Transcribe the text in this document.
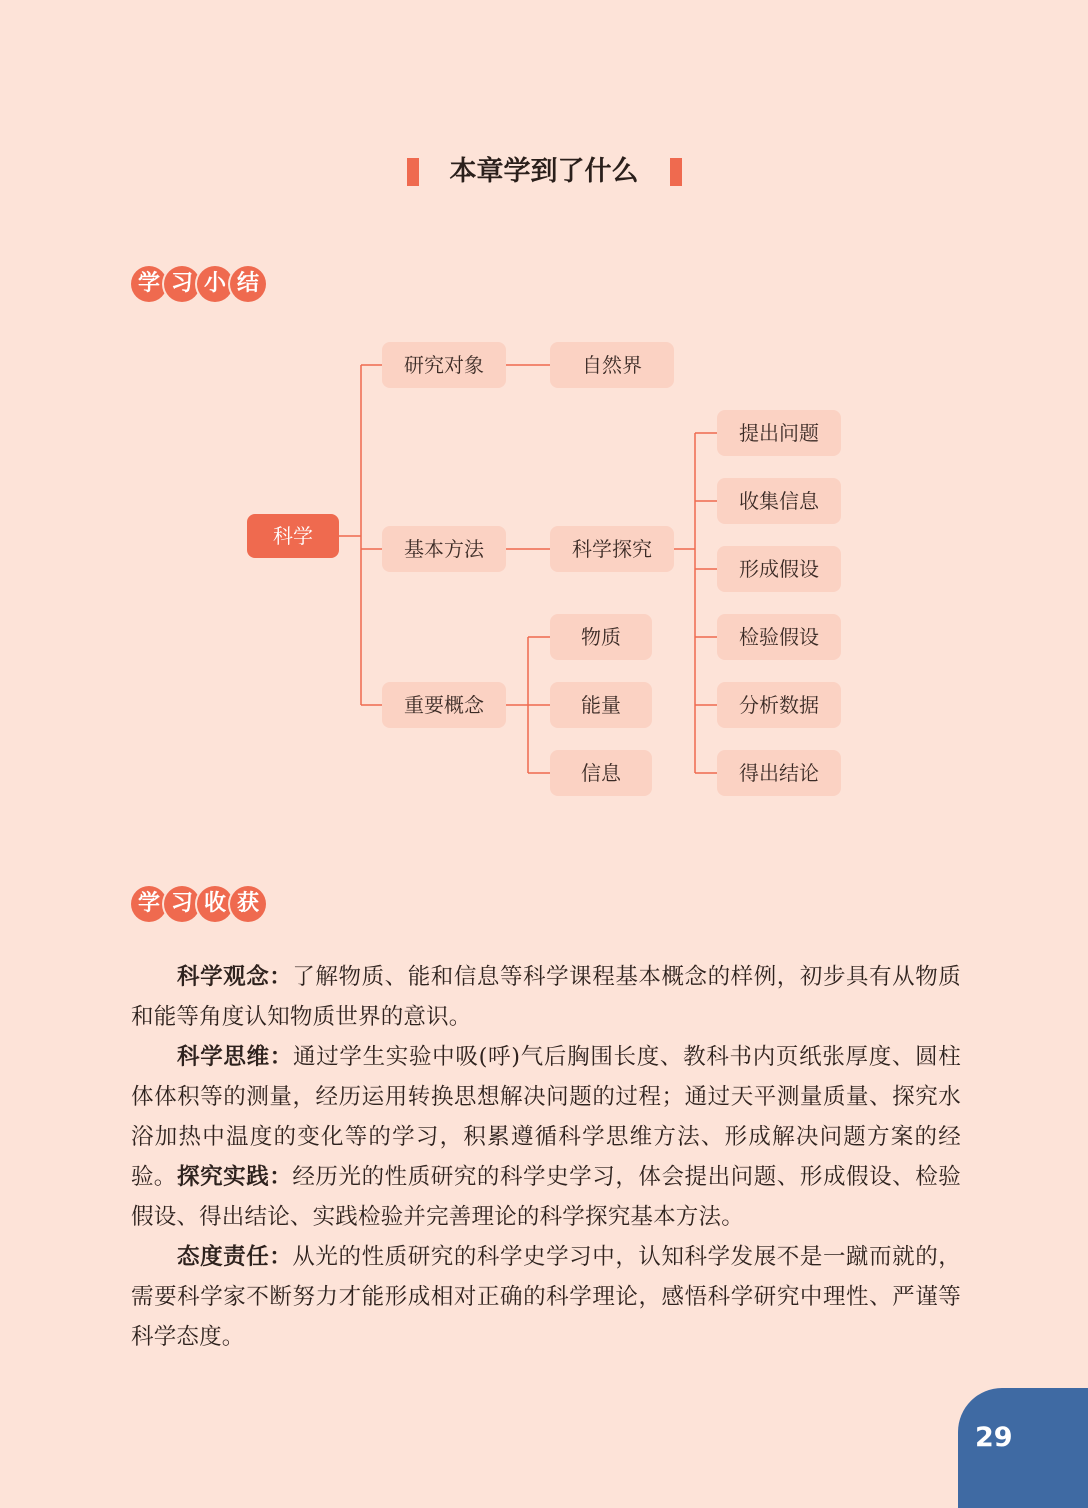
本章学到了什么
学 习 小 结
科学
研究对象
基本方法
重要概念
自然界
科学探究
物质
能量
信息
提出问题
收集信息
形成假设
检验假设
分析数据
得出结论
学 习 收 获
科学观念：了解物质、能和信息等科学课程基本概念的样例，初步具有从物质和能等角度认知物质世界的意识。
科学思维：通过学生实验中吸(呼)气后胸围长度、教科书内页纸张厚度、圆柱体体积等的测量，经历运用转换思想解决问题的过程；通过天平测量质量、探究水浴加热中温度的变化等的学习，积累遵循科学思维方法、形成解决问题方案的经验。 探究实践：经历光的性质研究的科学史学习，体会提出问题、形成假设、检验假设、得出结论、实践检验并完善理论的科学探究基本方法。
态度责任：从光的性质研究的科学史学习中，认知科学发展不是一蹴而就的，需要科学家不断努力才能形成相对正确的科学理论，感悟科学研究中理性、严谨等科学态度。
29
